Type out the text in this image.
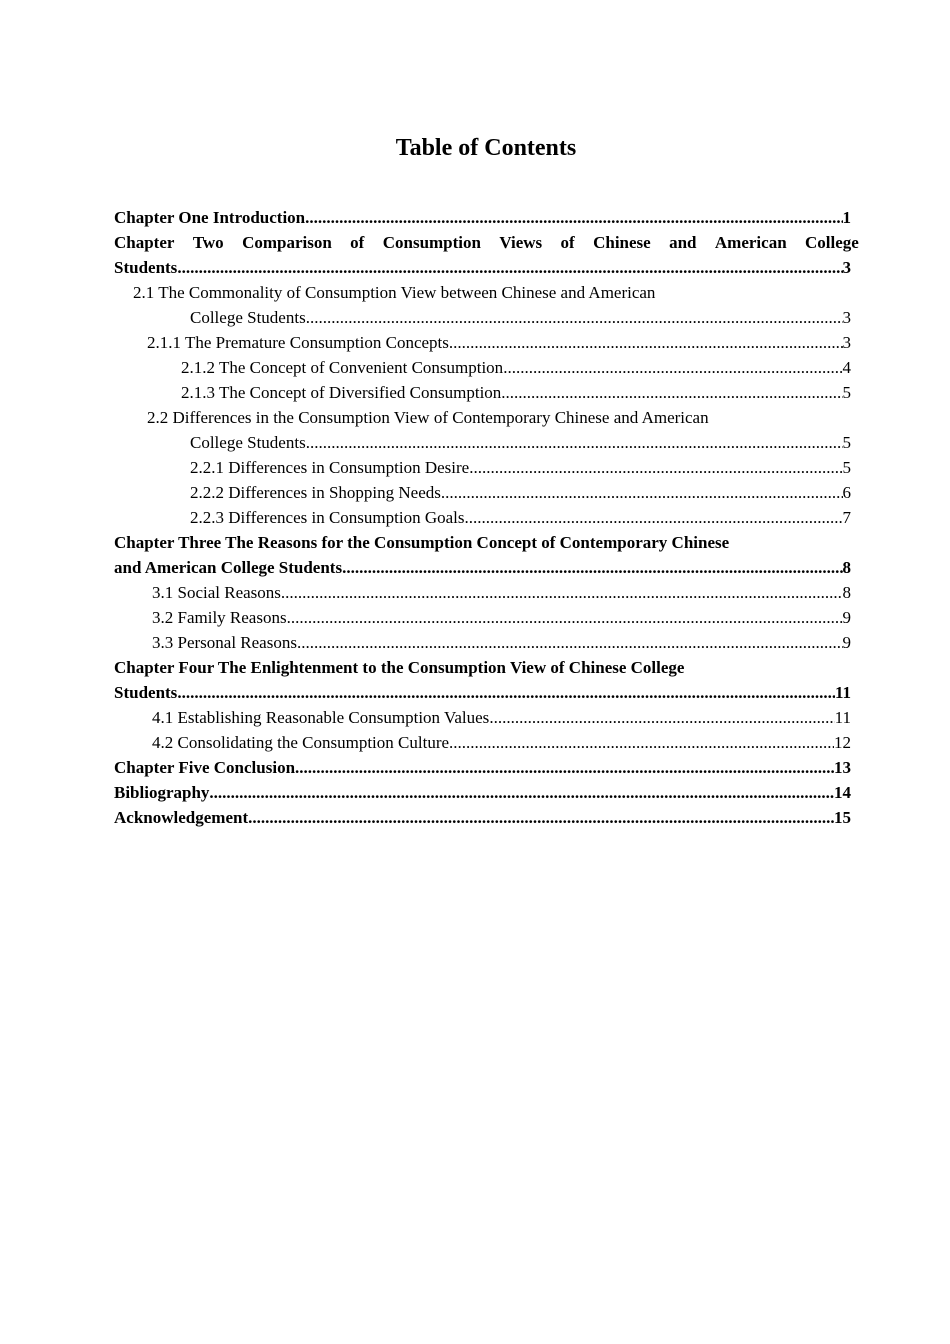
Table of Contents
Chapter One Introduction .....	1
Chapter Two Comparison of Consumption Views of Chinese and American College
Students .....	3
2.1 The Commonality of Consumption View between Chinese and American
College Students .....	3
2.1.1 The Premature Consumption Concepts .....	3
2.1.2 The Concept of Convenient Consumption .....	4
2.1.3 The Concept of Diversified Consumption .....	5
2.2 Differences in the Consumption View of Contemporary Chinese and American
College Students .....	5
2.2.1 Differences in Consumption Desire .....	5
2.2.2 Differences in Shopping Needs .....	6
2.2.3 Differences in Consumption Goals .....	7
Chapter Three The Reasons for the Consumption Concept of Contemporary Chinese
and American College Students .....	8
3.1 Social Reasons .....	8
3.2 Family Reasons .....	9
3.3 Personal Reasons .....	9
Chapter Four The Enlightenment to the Consumption View of Chinese College
Students .....	11
4.1 Establishing Reasonable Consumption Values .....	11
4.2 Consolidating the Consumption Culture .....	12
Chapter Five Conclusion .....	13
Bibliography .....	14
Acknowledgement .....	15
